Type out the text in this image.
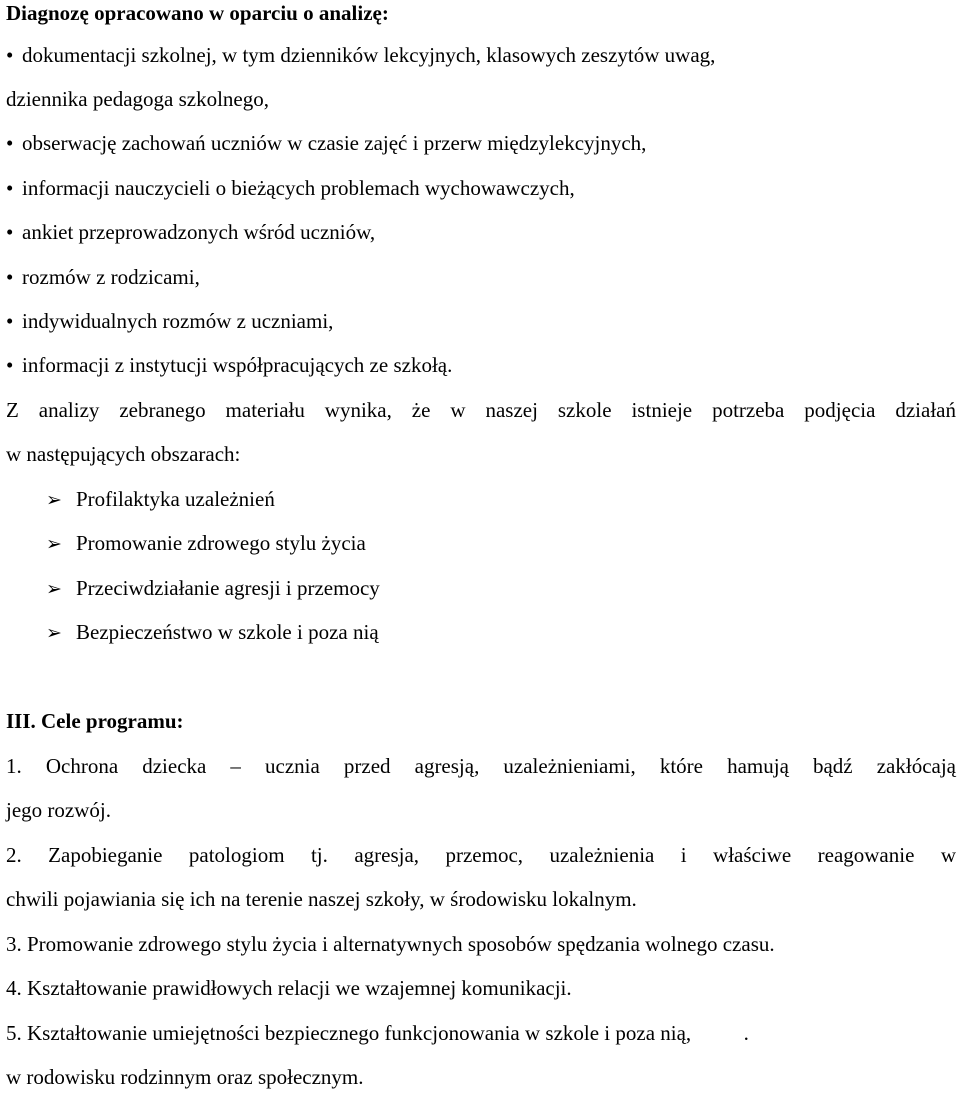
Diagnozę opracowano w oparciu o analizę:
• dokumentacji szkolnej, w tym dzienników lekcyjnych, klasowych zeszytów uwag,
dziennika pedagoga szkolnego,
• obserwację zachowań uczniów w czasie zajęć i przerw międzylekcyjnych,
• informacji nauczycieli o bieżących problemach wychowawczych,
• ankiet przeprowadzonych wśród uczniów,
• rozmów z rodzicami,
• indywidualnych rozmów z uczniami,
• informacji z instytucji współpracujących ze szkołą.
Z analizy zebranego materiału wynika, że w naszej szkole istnieje potrzeba podjęcia działań
w następujących obszarach:
➢ Profilaktyka uzależnień
➢ Promowanie zdrowego stylu życia
➢ Przeciwdziałanie agresji i przemocy
➢ Bezpieczeństwo w szkole i poza nią
III. Cele programu:
1. Ochrona dziecka – ucznia przed agresją, uzależnieniami, które hamują bądź zakłócają
jego rozwój.
2. Zapobieganie patologiom tj. agresja, przemoc, uzależnienia i właściwe reagowanie w
chwili pojawiania się ich na terenie naszej szkoły, w środowisku lokalnym.
3. Promowanie zdrowego stylu życia i alternatywnych sposobów spędzania wolnego czasu.
4. Kształtowanie prawidłowych relacji we wzajemnej komunikacji.
5. Kształtowanie umiejętności bezpiecznego funkcjonowania w szkole i poza nią,          .
w rodowisku rodzinnym oraz społecznym.
